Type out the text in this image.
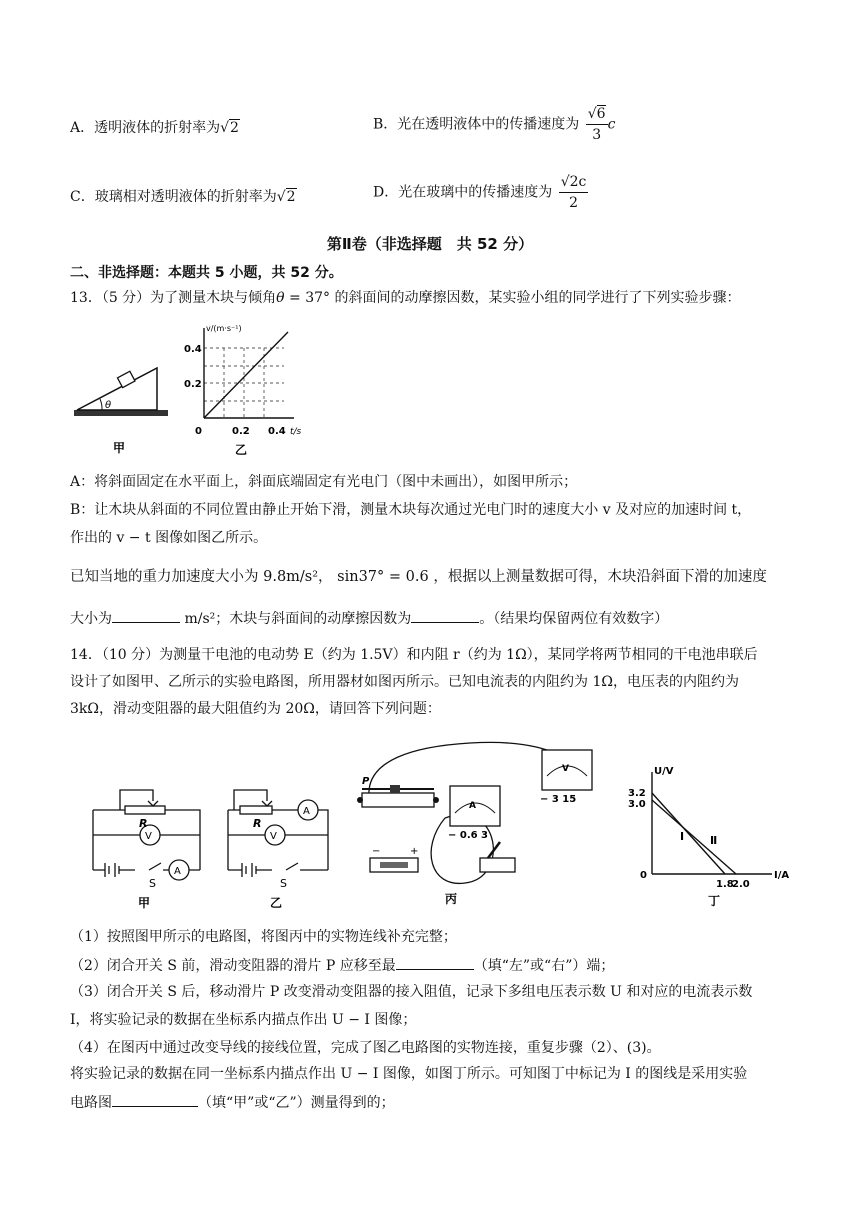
A．透明液体的折射率为√2	B．光在透明液体中的传播速度为 $\frac{√6}{3}$ c
C．玻璃相对透明液体的折射率为√2	D．光在玻璃中的传播速度为 $\frac{√2c}{2}$
第Ⅱ卷（非选择题　共 52 分）
二、非选择题：本题共 5 小题，共 52 分。
13．（5 分）为了测量木块与倾角θ = 37° 的斜面间的动摩擦因数，某实验小组的同学进行了下列实验步骤：
θ
甲
v/(m·s⁻¹)
t/s
0.4
0.2
0	0.2 0.4
乙
A：将斜面固定在水平面上，斜面底端固定有光电门（图中未画出），如图甲所示；
B：让木块从斜面的不同位置由静止开始下滑，测量木块每次通过光电门时的速度大小 v 及对应的加速时间 t，
作出的 v − t 图像如图乙所示。
已知当地的重力加速度大小为 9.8m/s²， sin37° = 0.6 ，根据以上测量数据可得，木块沿斜面下滑的加速度
大小为	m/s²；木块与斜面间的动摩擦因数为	。（结果均保留两位有效数字）
14．（10 分）为测量干电池的电动势 E（约为 1.5V）和内阻 r（约为 1Ω），某同学将两节相同的干电池串联后
设计了如图甲、乙所示的实验电路图，所用器材如图丙所示。已知电流表的内阻约为 1Ω，电压表的内阻约为
3kΩ，滑动变阻器的最大阻值约为 20Ω，请回答下列问题：
V
A
R
S
甲
A
V
R
S
乙
P
A
− 0.6 3
V
− 3 15
−	+
丙
U/V
I/A
3.2
3.0
0
1.8
2.0
Ⅰ Ⅱ
丁
（1）按照图甲所示的电路图，将图丙中的实物连线补充完整；
（2）闭合开关 S 前，滑动变阻器的滑片 P 应移至最	（填“左”或“右”）端；
（3）闭合开关 S 后，移动滑片 P 改变滑动变阻器的接入阻值，记录下多组电压表示数 U 和对应的电流表示数
I，将实验记录的数据在坐标系内描点作出 U − I 图像；
（4）在图丙中通过改变导线的接线位置，完成了图乙电路图的实物连接，重复步骤（2）、(3)。
将实验记录的数据在同一坐标系内描点作出 U − I 图像，如图丁所示。可知图丁中标记为 I 的图线是采用实验
电路图	（填“甲”或“乙”）测量得到的；
